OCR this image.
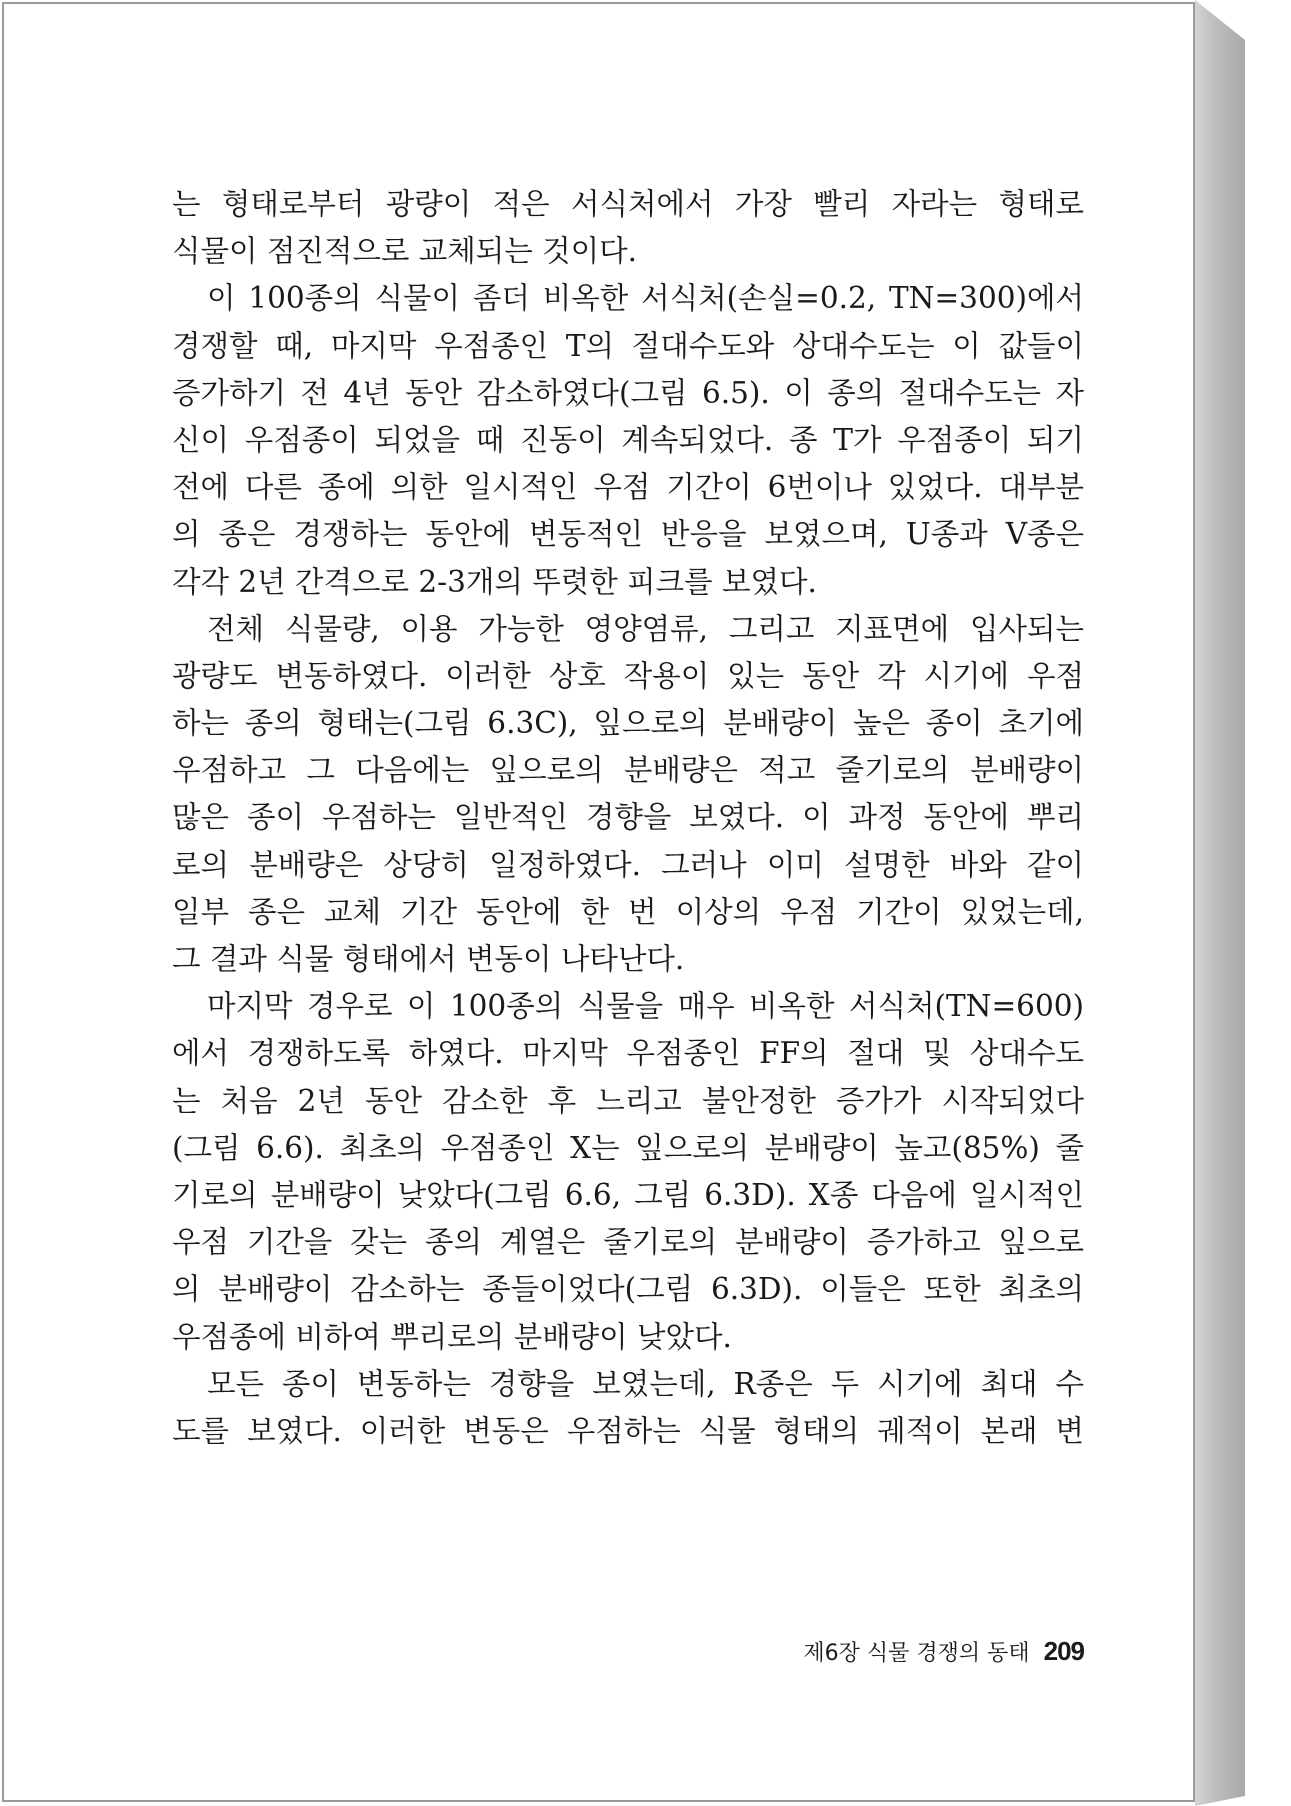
는 형태로부터 광량이 적은 서식처에서 가장 빨리 자라는 형태로
식물이 점진적으로 교체되는 것이다.
이 100종의 식물이 좀더 비옥한 서식처(손실=0.2, TN=300)에서
경쟁할 때, 마지막 우점종인 T의 절대수도와 상대수도는 이 값들이
증가하기 전 4년 동안 감소하였다(그림 6.5). 이 종의 절대수도는 자
신이 우점종이 되었을 때 진동이 계속되었다. 종 T가 우점종이 되기
전에 다른 종에 의한 일시적인 우점 기간이 6번이나 있었다. 대부분
의 종은 경쟁하는 동안에 변동적인 반응을 보였으며, U종과 V종은
각각 2년 간격으로 2-3개의 뚜렷한 피크를 보였다.
전체 식물량, 이용 가능한 영양염류, 그리고 지표면에 입사되는
광량도 변동하였다. 이러한 상호 작용이 있는 동안 각 시기에 우점
하는 종의 형태는(그림 6.3C), 잎으로의 분배량이 높은 종이 초기에
우점하고 그 다음에는 잎으로의 분배량은 적고 줄기로의 분배량이
많은 종이 우점하는 일반적인 경향을 보였다. 이 과정 동안에 뿌리
로의 분배량은 상당히 일정하였다. 그러나 이미 설명한 바와 같이
일부 종은 교체 기간 동안에 한 번 이상의 우점 기간이 있었는데,
그 결과 식물 형태에서 변동이 나타난다.
마지막 경우로 이 100종의 식물을 매우 비옥한 서식처(TN=600)
에서 경쟁하도록 하였다. 마지막 우점종인 FF의 절대 및 상대수도
는 처음 2년 동안 감소한 후 느리고 불안정한 증가가 시작되었다
(그림 6.6). 최초의 우점종인 X는 잎으로의 분배량이 높고(85%) 줄
기로의 분배량이 낮았다(그림 6.6, 그림 6.3D). X종 다음에 일시적인
우점 기간을 갖는 종의 계열은 줄기로의 분배량이 증가하고 잎으로
의 분배량이 감소하는 종들이었다(그림 6.3D). 이들은 또한 최초의
우점종에 비하여 뿌리로의 분배량이 낮았다.
모든 종이 변동하는 경향을 보였는데, R종은 두 시기에 최대 수
도를 보였다. 이러한 변동은 우점하는 식물 형태의 궤적이 본래 변
제6장 식물 경쟁의 동태 209
